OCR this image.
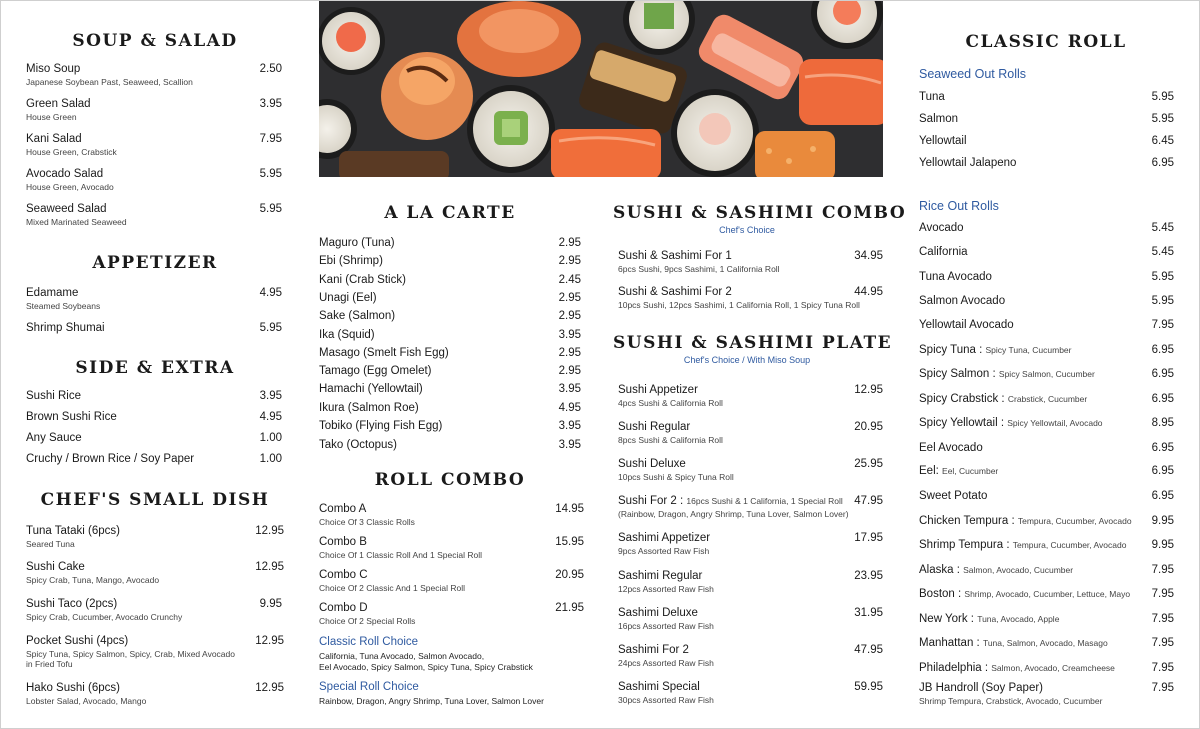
SOUP & SALAD
Miso Soup	2.50
Japanese Soybean Past, Seaweed, Scallion
Green Salad	3.95
House Green
Kani Salad	7.95
House Green, Crabstick
Avocado Salad	5.95
House Green, Avocado
Seaweed Salad	5.95
Mixed Marinated Seaweed
APPETIZER
Edamame	4.95
Steamed Soybeans
Shrimp Shumai	5.95
SIDE & EXTRA
Sushi Rice	3.95
Brown Sushi Rice	4.95
Any Sauce	1.00
Cruchy / Brown Rice / Soy Paper	1.00
CHEF'S SMALL DISH
Tuna Tataki (6pcs)	12.95
Seared Tuna
Sushi Cake	12.95
Spicy Crab, Tuna, Mango, Avocado
Sushi Taco (2pcs)	9.95
Spicy Crab, Cucumber, Avocado Crunchy
Pocket Sushi (4pcs)	12.95
Spicy Tuna, Spicy Salmon, Spicy, Crab, Mixed Avocado
in Fried Tofu
Hako Sushi (6pcs)	12.95
Lobster Salad, Avocado, Mango
A LA CARTE
Maguro (Tuna)	2.95
Ebi (Shrimp)	2.95
Kani (Crab Stick)	2.45
Unagi (Eel)	2.95
Sake (Salmon)	2.95
Ika (Squid)	3.95
Masago (Smelt Fish Egg)	2.95
Tamago (Egg Omelet)	2.95
Hamachi (Yellowtail)	3.95
Ikura (Salmon Roe)	4.95
Tobiko (Flying Fish Egg)	3.95
Tako (Octopus)	3.95
ROLL COMBO
Combo A	14.95
Choice Of 3 Classic Rolls
Combo B	15.95
Choice Of 1 Classic Roll And 1 Special Roll
Combo C	20.95
Choice Of 2 Classic And 1 Special Roll
Combo D	21.95
Choice Of 2 Special Rolls
Classic Roll Choice
California, Tuna Avocado, Salmon Avocado,
Eel Avocado, Spicy Salmon, Spicy Tuna, Spicy Crabstick
Special Roll Choice
Rainbow, Dragon, Angry Shrimp, Tuna Lover, Salmon Lover
SUSHI & SASHIMI COMBO
Chef's Choice
Sushi & Sashimi For 1	34.95
6pcs Sushi, 9pcs Sashimi, 1 California Roll
Sushi & Sashimi For 2	44.95
10pcs Sushi, 12pcs Sashimi, 1 California Roll, 1 Spicy Tuna Roll
SUSHI & SASHIMI PLATE
Chef's Choice / With Miso Soup
Sushi Appetizer	12.95
4pcs Sushi & California Roll
Sushi Regular	20.95
8pcs Sushi & California Roll
Sushi Deluxe	25.95
10pcs Sushi & Spicy Tuna Roll
Sushi For 2 : 16pcs Sushi & 1 California, 1 Special Roll 47.95
(Rainbow, Dragon, Angry Shrimp, Tuna Lover, Salmon Lover)
Sashimi Appetizer	17.95
9pcs Assorted Raw Fish
Sashimi Regular	23.95
12pcs Assorted Raw Fish
Sashimi Deluxe	31.95
16pcs Assorted Raw Fish
Sashimi For 2	47.95
24pcs Assorted Raw Fish
Sashimi Special	59.95
30pcs Assorted Raw Fish
CLASSIC ROLL
Seaweed Out Rolls
Tuna	5.95
Salmon	5.95
Yellowtail	6.45
Yellowtail Jalapeno	6.95
Rice Out Rolls
Avocado	5.45
California	5.45
Tuna Avocado	5.95
Salmon Avocado	5.95
Yellowtail Avocado	7.95
Spicy Tuna : Spicy Tuna, Cucumber	6.95
Spicy Salmon : Spicy Salmon, Cucumber	6.95
Spicy Crabstick : Crabstick, Cucumber	6.95
Spicy Yellowtail : Spicy Yellowtail, Avocado	8.95
Eel Avocado	6.95
Eel: Eel, Cucumber	6.95
Sweet Potato	6.95
Chicken Tempura : Tempura, Cucumber, Avocado 9.95
Shrimp Tempura : Tempura, Cucumber, Avocado 9.95
Alaska : Salmon, Avocado, Cucumber	7.95
Boston : Shrimp, Avocado, Cucumber, Lettuce, Mayo 7.95
New York : Tuna, Avocado, Apple	7.95
Manhattan : Tuna, Salmon, Avocado, Masago	7.95
Philadelphia : Salmon, Avocado, Creamcheese	7.95
JB Handroll (Soy Paper)	7.95
Shrimp Tempura, Crabstick, Avocado, Cucumber
